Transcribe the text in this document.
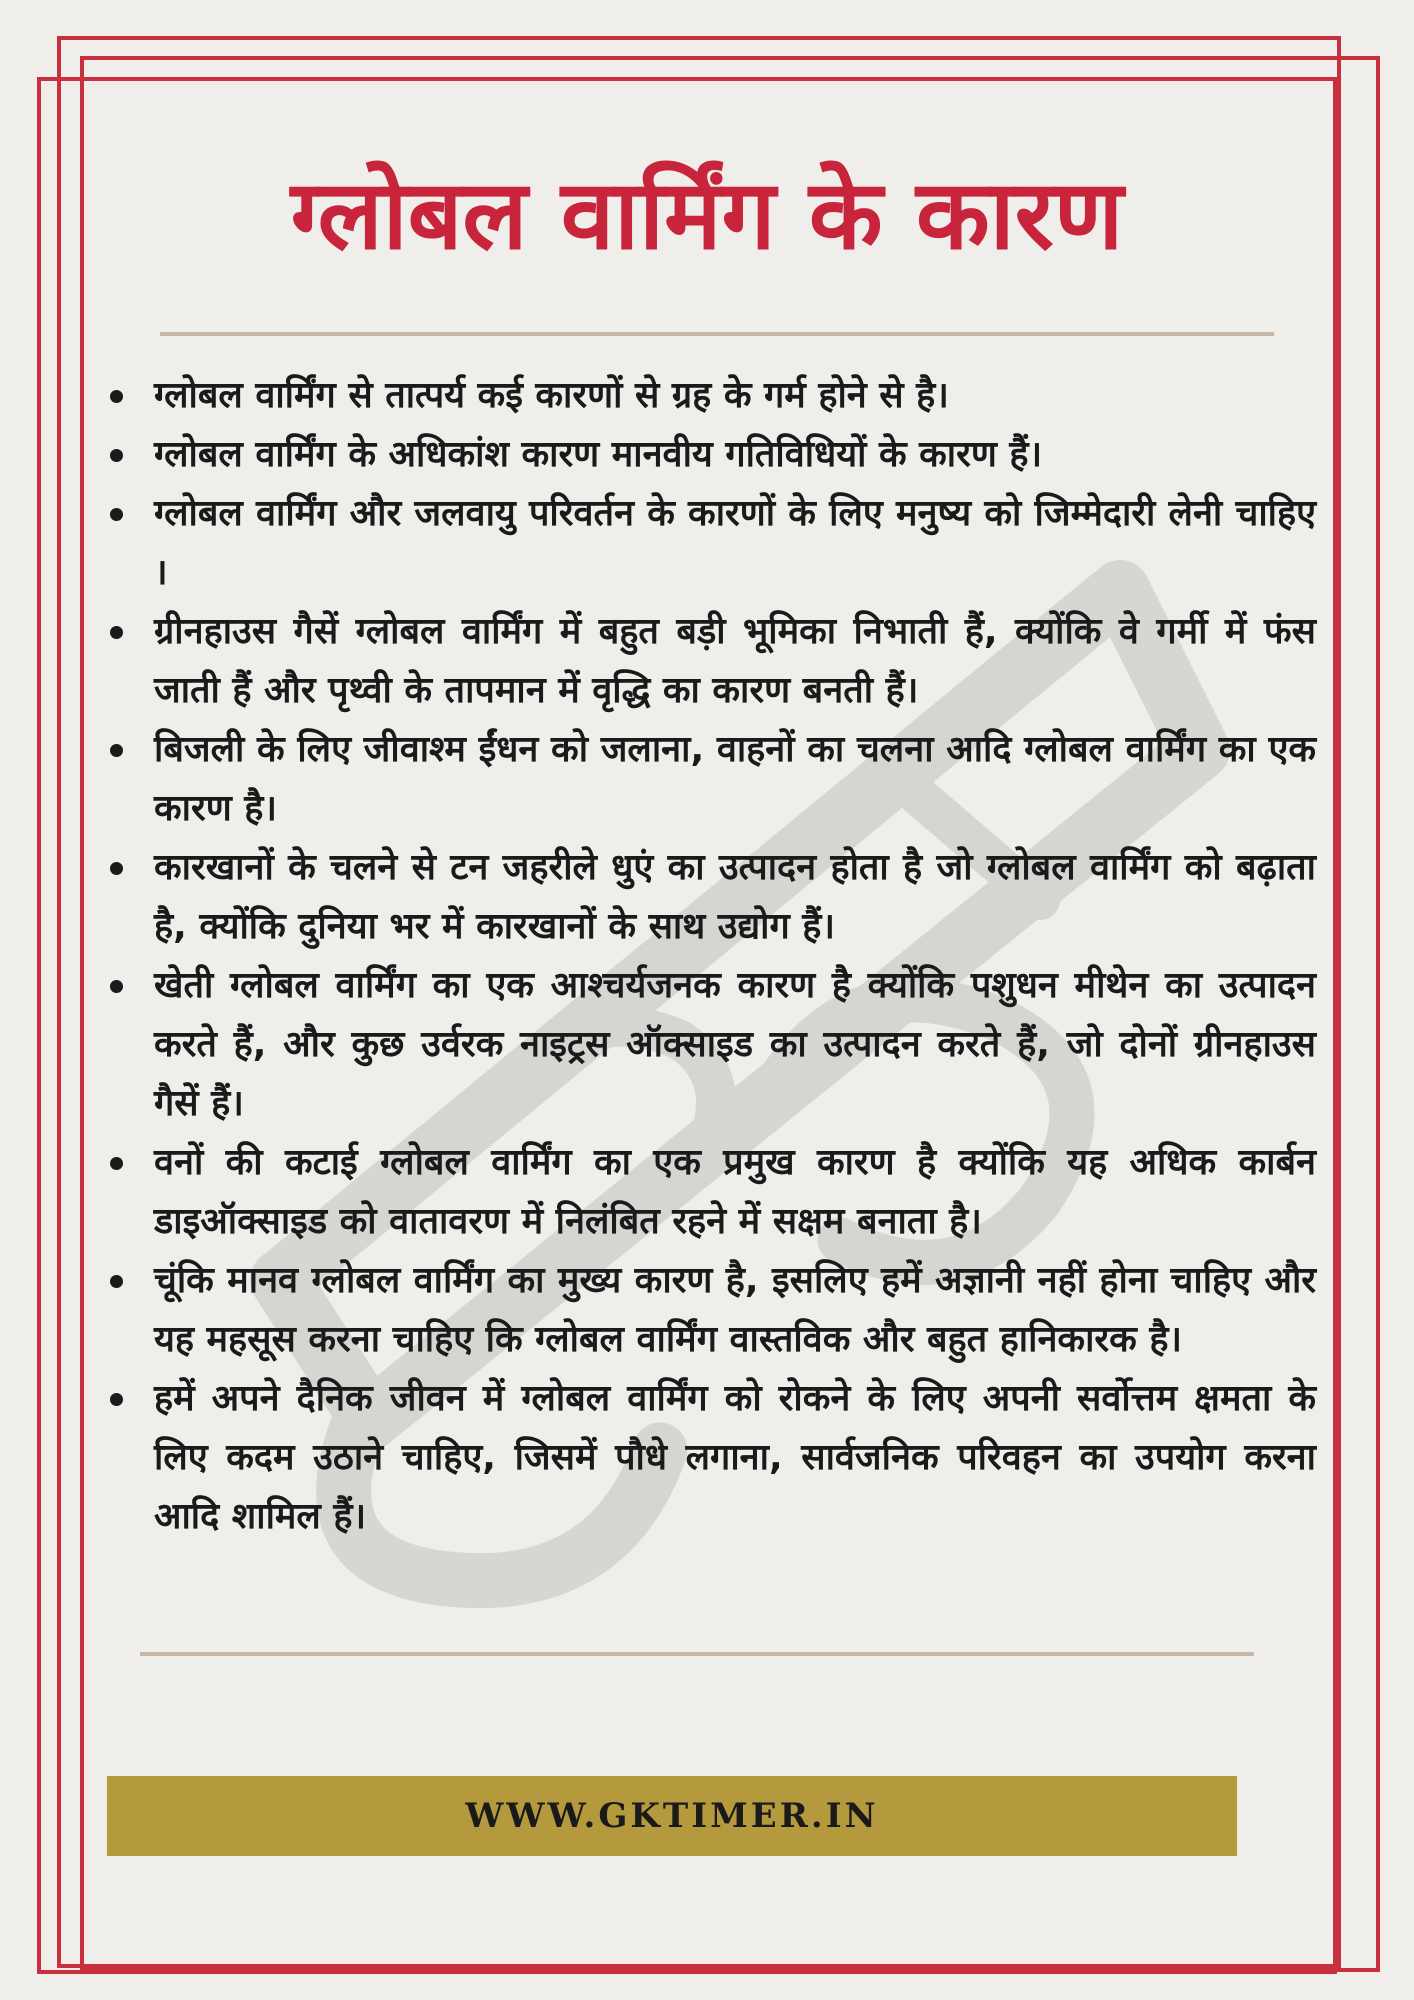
ग्लोबल वार्मिंग के कारण
ग्लोबल वार्मिंग से तात्पर्य कई कारणों से ग्रह के गर्म होने से है।
ग्लोबल वार्मिंग के अधिकांश कारण मानवीय गतिविधियों के कारण हैं।
ग्लोबल वार्मिंग और जलवायु परिवर्तन के कारणों के लिए मनुष्य को जिम्मेदारी लेनी चाहिए ।
ग्रीनहाउस गैसें ग्लोबल वार्मिंग में बहुत बड़ी भूमिका निभाती हैं, क्योंकि वे गर्मी में फंस जाती हैं और पृथ्वी के तापमान में वृद्धि का कारण बनती हैं।
बिजली के लिए जीवाश्म ईंधन को जलाना, वाहनों का चलना आदि ग्लोबल वार्मिंग का एक कारण है।
कारखानों के चलने से टन जहरीले धुएं का उत्पादन होता है जो ग्लोबल वार्मिंग को बढ़ाता है, क्योंकि दुनिया भर में कारखानों के साथ उद्योग हैं।
खेती ग्लोबल वार्मिंग का एक आश्चर्यजनक कारण है क्योंकि पशुधन मीथेन का उत्पादन करते हैं, और कुछ उर्वरक नाइट्रस ऑक्साइड का उत्पादन करते हैं, जो दोनों ग्रीनहाउस गैसें हैं।
वनों की कटाई ग्लोबल वार्मिंग का एक प्रमुख कारण है क्योंकि यह अधिक कार्बन डाइऑक्साइड को वातावरण में निलंबित रहने में सक्षम बनाता है।
चूंकि मानव ग्लोबल वार्मिंग का मुख्य कारण है, इसलिए हमें अज्ञानी नहीं होना चाहिए और यह महसूस करना चाहिए कि ग्लोबल वार्मिंग वास्तविक और बहुत हानिकारक है।
हमें अपने दैनिक जीवन में ग्लोबल वार्मिंग को रोकने के लिए अपनी सर्वोत्तम क्षमता के लिए कदम उठाने चाहिए, जिसमें पौधे लगाना, सार्वजनिक परिवहन का उपयोग करना आदि शामिल हैं।
WWW.GKTIMER.IN
